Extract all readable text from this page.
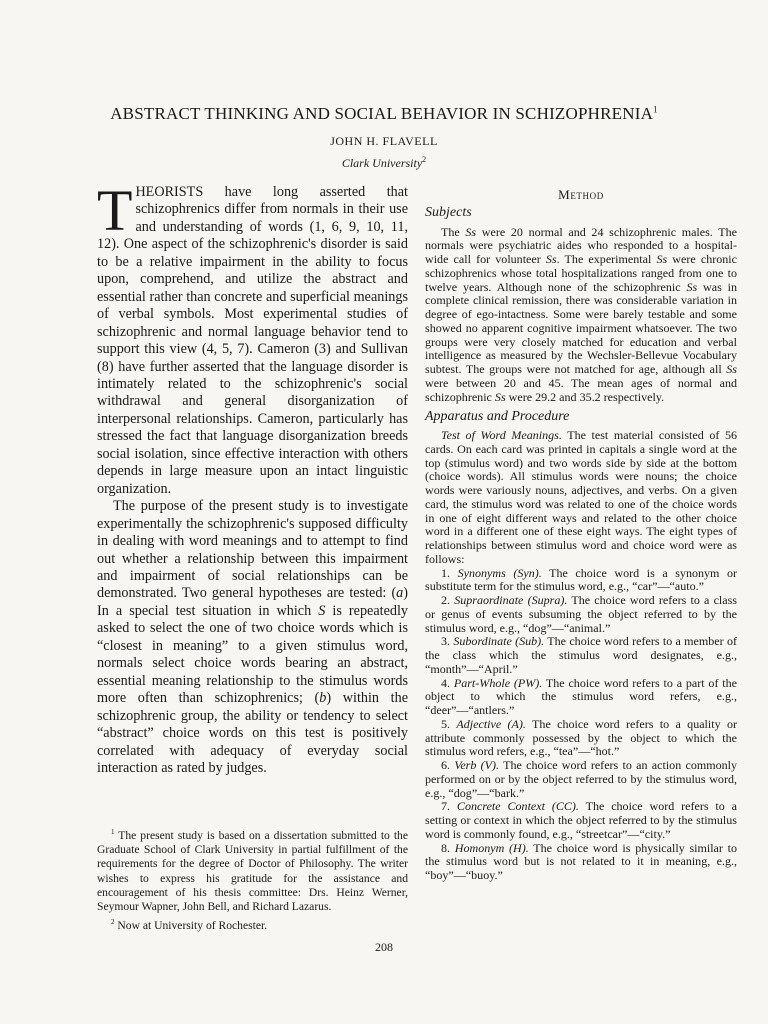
ABSTRACT THINKING AND SOCIAL BEHAVIOR IN SCHIZOPHRENIA$^1$
JOHN H. FLAVELL
Clark University$^2$

THEORISTS have long asserted that schizophrenics differ from normals in their use and understanding of words (1, 6, 9, 10, 11, 12). One aspect of the schizophrenic's disorder is said to be a relative impairment in the ability to focus upon, comprehend, and utilize the abstract and essential rather than concrete and superficial meanings of verbal symbols. Most experimental studies of schizophrenic and normal language behavior tend to support this view (4, 5, 7). Cameron (3) and Sullivan (8) have further asserted that the language disorder is intimately related to the schizophrenic's social withdrawal and general disorganization of interpersonal relationships. Cameron, particularly has stressed the fact that language disorganization breeds social isolation, since effective interaction with others depends in large measure upon an intact linguistic organization.

The purpose of the present study is to investigate experimentally the schizophrenic's supposed difficulty in dealing with word meanings and to attempt to find out whether a relationship between this impairment and impairment of social relationships can be demonstrated. Two general hypotheses are tested: (a) In a special test situation in which S is repeatedly asked to select the one of two choice words which is “closest in meaning” to a given stimulus word, normals select choice words bearing an abstract, essential meaning relationship to the stimulus words more often than schizophrenics; (b) within the schizophrenic group, the ability or tendency to select “abstract” choice words on this test is positively correlated with adequacy of everyday social interaction as rated by judges.

$^1$ The present study is based on a dissertation submitted to the Graduate School of Clark University in partial fulfillment of the requirements for the degree of Doctor of Philosophy. The writer wishes to express his gratitude for the assistance and encouragement of his thesis committee: Drs. Heinz Werner, Seymour Wapner, John Bell, and Richard Lazarus.

$^2$ Now at University of Rochester.

Method
Subjects

The Ss were 20 normal and 24 schizophrenic males. The normals were psychiatric aides who responded to a hospital-wide call for volunteer Ss. The experimental Ss were chronic schizophrenics whose total hospitalizations ranged from one to twelve years. Although none of the schizophrenic Ss was in complete clinical remission, there was considerable variation in degree of ego-intactness. Some were barely testable and some showed no apparent cognitive impairment whatsoever. The two groups were very closely matched for education and verbal intelligence as measured by the Wechsler-Bellevue Vocabulary subtest. The groups were not matched for age, although all Ss were between 20 and 45. The mean ages of normal and schizophrenic Ss were 29.2 and 35.2 respectively.

Apparatus and Procedure

Test of Word Meanings. The test material consisted of 56 cards. On each card was printed in capitals a single word at the top (stimulus word) and two words side by side at the bottom (choice words). All stimulus words were nouns; the choice words were variously nouns, adjectives, and verbs. On a given card, the stimulus word was related to one of the choice words in one of eight different ways and related to the other choice word in a different one of these eight ways. The eight types of relationships between stimulus word and choice word were as follows:

1. Synonyms (Syn). The choice word is a synonym or substitute term for the stimulus word, e.g., “car”—“auto.”

2. Supraordinate (Supra). The choice word refers to a class or genus of events subsuming the object referred to by the stimulus word, e.g., “dog”—“animal.”

3. Subordinate (Sub). The choice word refers to a member of the class which the stimulus word designates, e.g., “month”—“April.”

4. Part-Whole (PW). The choice word refers to a part of the object to which the stimulus word refers, e.g., “deer”—“antlers.”

5. Adjective (A). The choice word refers to a quality or attribute commonly possessed by the object to which the stimulus word refers, e.g., “tea”—“hot.”

6. Verb (V). The choice word refers to an action commonly performed on or by the object referred to by the stimulus word, e.g., “dog”—“bark.”

7. Concrete Context (CC). The choice word refers to a setting or context in which the object referred to by the stimulus word is commonly found, e.g., “streetcar”—“city.”

8. Homonym (H). The choice word is physically similar to the stimulus word but is not related to it in meaning, e.g., “boy”—“buoy.”

208
